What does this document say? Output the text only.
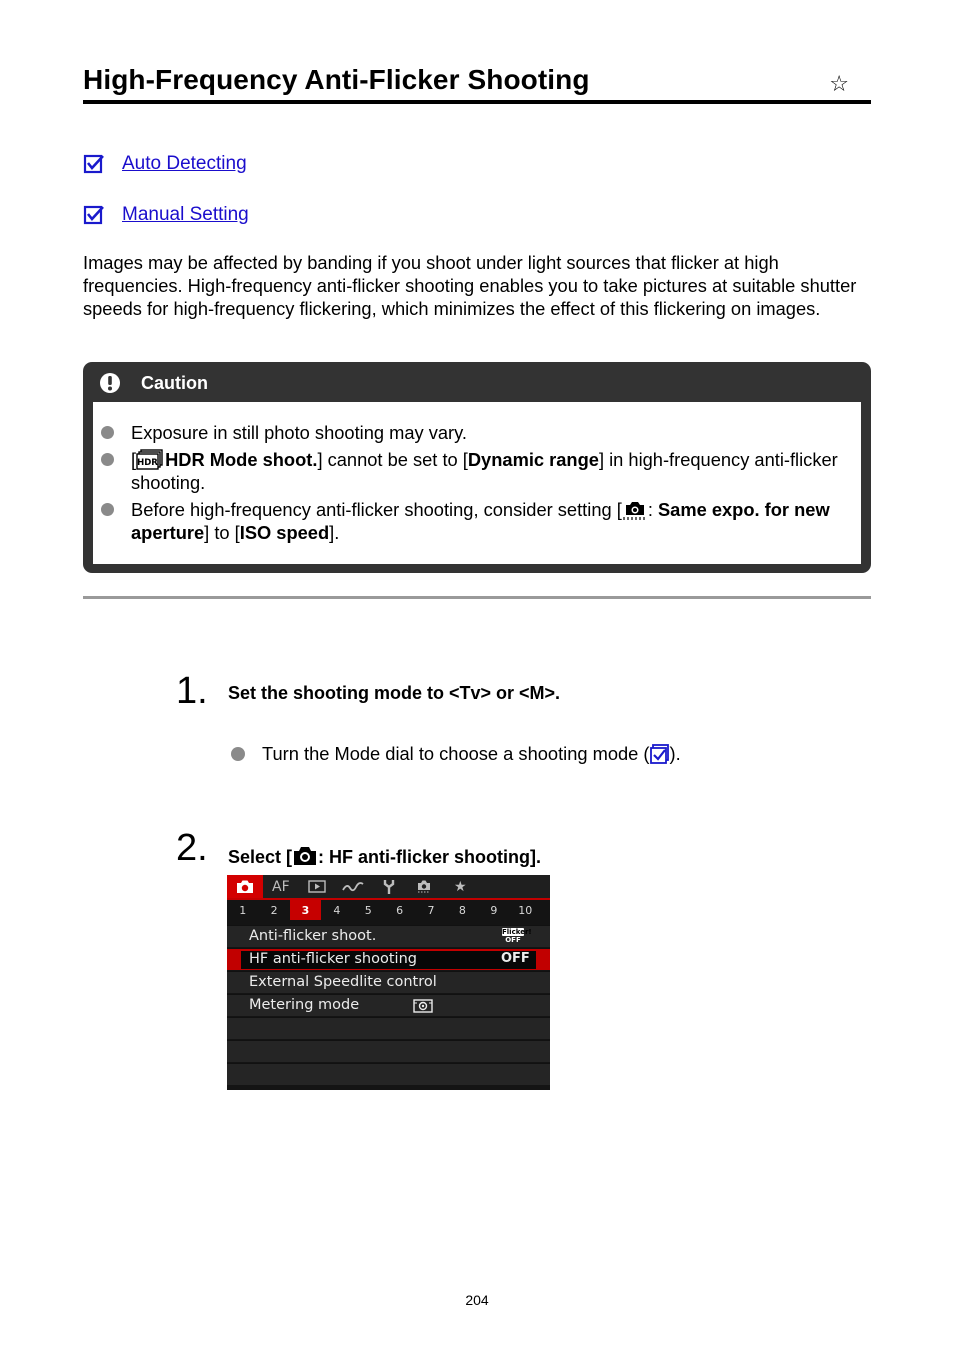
High-Frequency Anti-Flicker Shooting	☆
Auto Detecting
Manual Setting

Images may be affected by banding if you shoot under light sources that flicker at high frequencies. High-frequency anti-flicker shooting enables you to take pictures at suitable shutter speeds for high-frequency flickering, which minimizes the effect of this flickering on images.

Caution
Exposure in still photo shooting may vary.
[ HDR HDR Mode shoot.] cannot be set to [Dynamic range] in high-frequency anti-flicker shooting.
Before high-frequency anti-flicker shooting, consider setting [ : Same expo. for new aperture] to [ISO speed].
1. Set the shooting mode to <Tv> or <M>.
Turn the Mode dial to choose a shooting mode ( ).
2. Select [ : HF anti-flicker shooting].
AF	★
1	2	3	4	5	6	7	8	9	10
Anti-flicker shoot.	Flicker!
OFF
HF anti-flicker shooting	OFF
External Speedlite control
Metering mode
204
